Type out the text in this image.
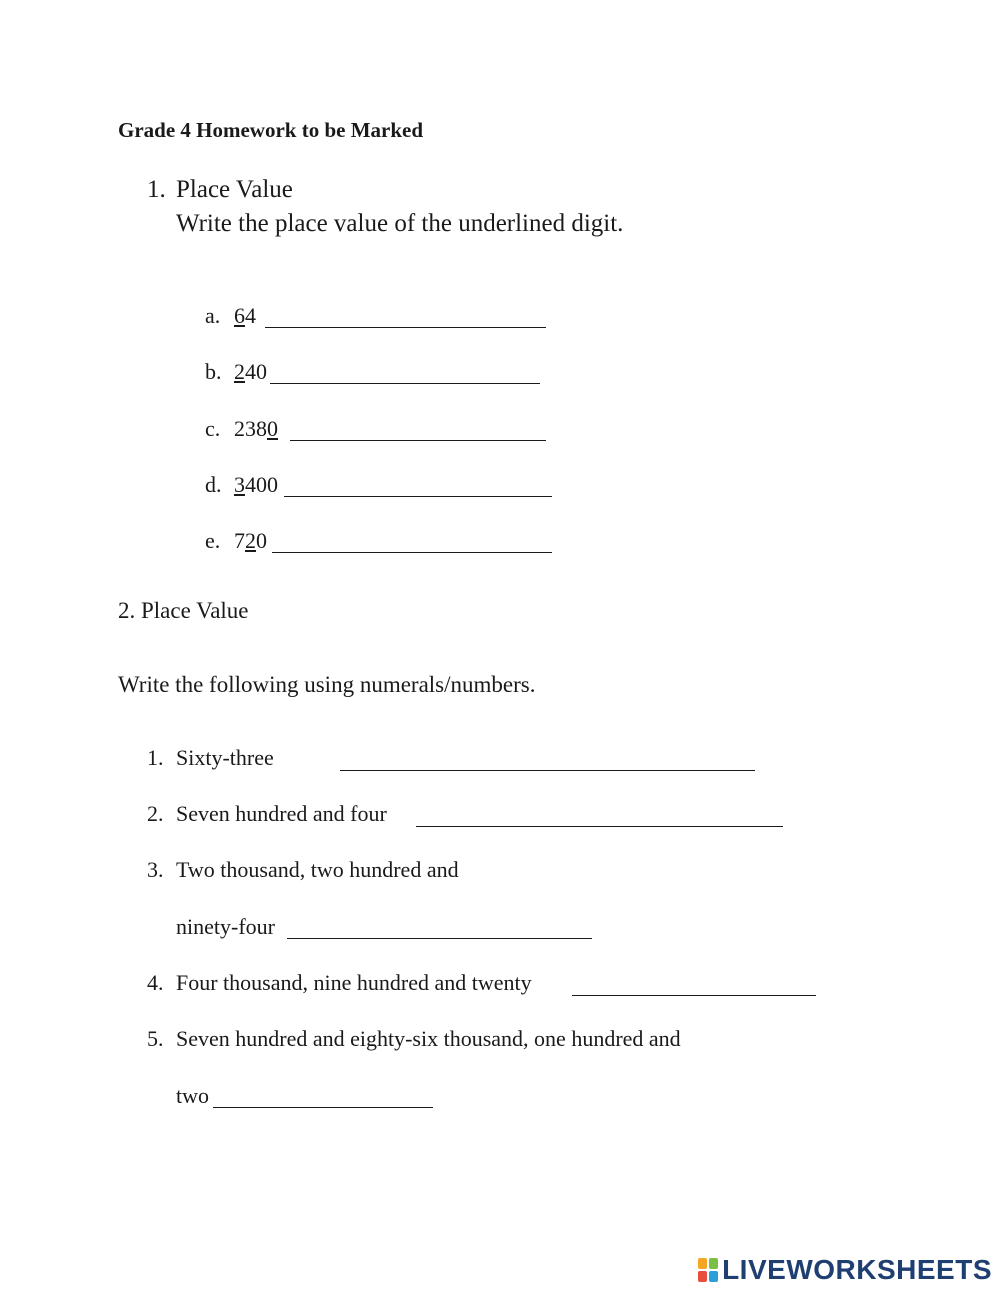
Grade 4 Homework to be Marked
1. Place Value
Write the place value of the underlined digit.
a. 64
b. 240
c. 2380
d. 3400
e. 720
2. Place Value
Write the following using numerals/numbers.
1. Sixty-three
2. Seven hundred and four
3. Two thousand, two hundred and
ninety-four
4. Four thousand, nine hundred and twenty
5. Seven hundred and eighty-six thousand, one hundred and
two
LIVEWORKSHEETS
